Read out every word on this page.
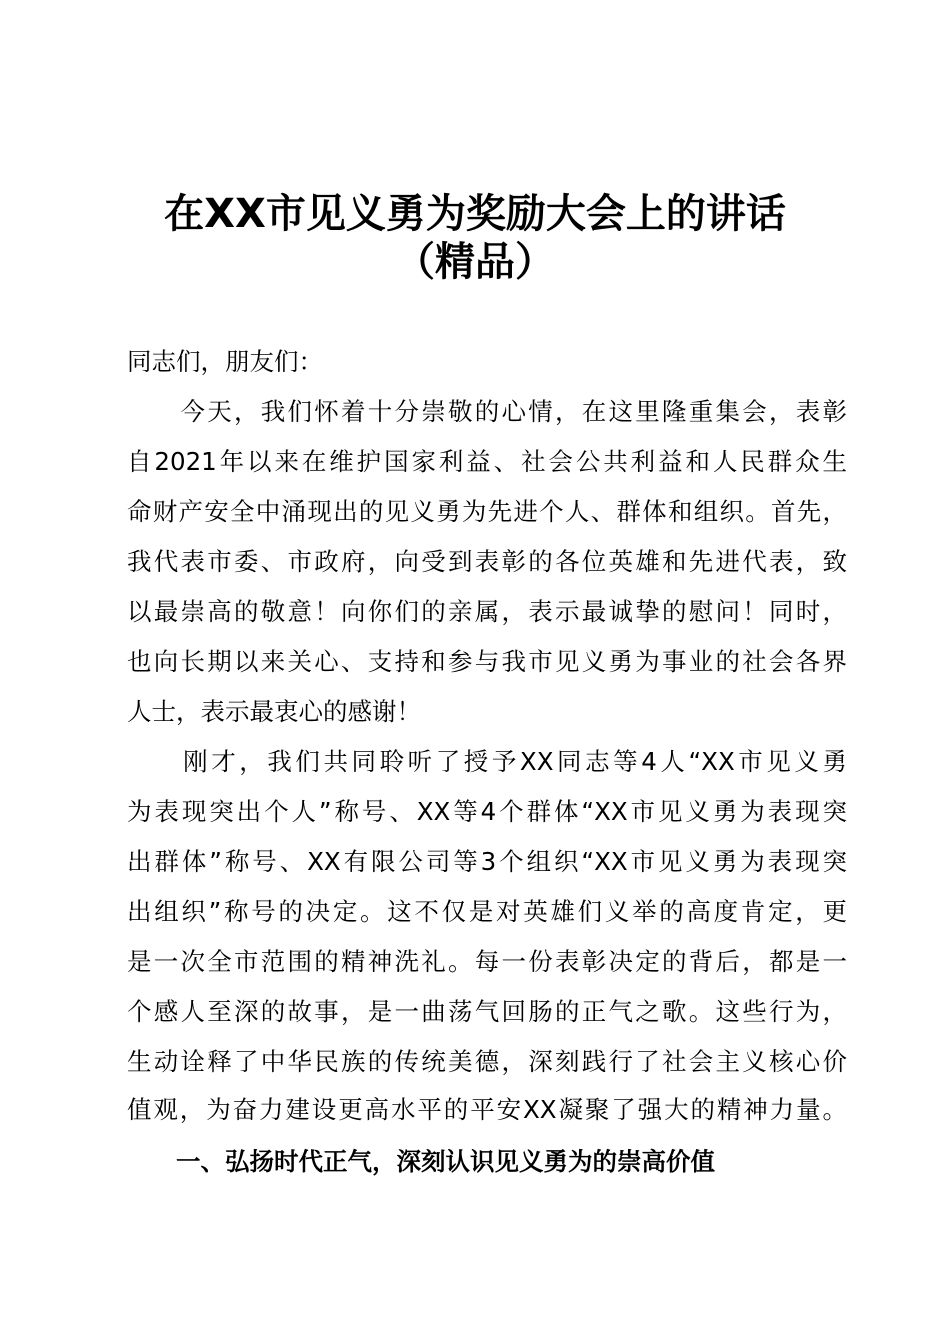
在XX市见义勇为奖励大会上的讲话
（精品）
同志们，朋友们：
　　今天，我们怀着十分崇敬的心情，在这里隆重集会，表彰
自2021年以来在维护国家利益、社会公共利益和人民群众生
命财产安全中涌现出的见义勇为先进个人、群体和组织。首先，
我代表市委、市政府，向受到表彰的各位英雄和先进代表，致
以最崇高的敬意！向你们的亲属，表示最诚挚的慰问！同时，
也向长期以来关心、支持和参与我市见义勇为事业的社会各界
人士，表示最衷心的感谢！
　　刚才，我们共同聆听了授予XX同志等4人“XX市见义勇
为表现突出个人”称号、XX等4个群体“XX市见义勇为表现突
出群体”称号、XX有限公司等3个组织“XX市见义勇为表现突
出组织”称号的决定。这不仅是对英雄们义举的高度肯定，更
是一次全市范围的精神洗礼。每一份表彰决定的背后，都是一
个感人至深的故事，是一曲荡气回肠的正气之歌。这些行为，
生动诠释了中华民族的传统美德，深刻践行了社会主义核心价
值观，为奋力建设更高水平的平安XX凝聚了强大的精神力量。
　　一、弘扬时代正气，深刻认识见义勇为的崇高价值
